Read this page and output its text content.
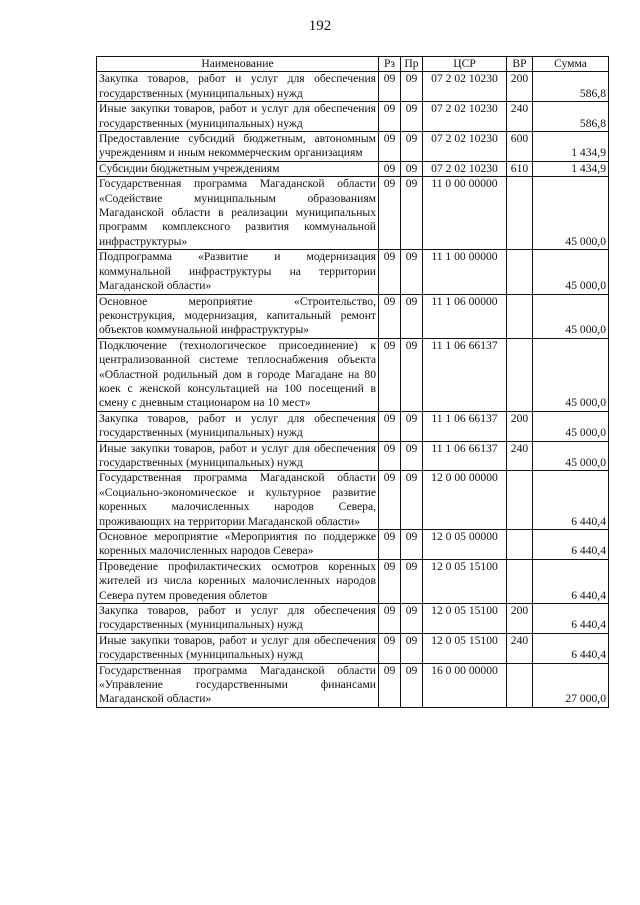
192
Наименование	Рз	Пр	ЦСР	ВР	Сумма
Закупка товаров, работ и услуг для обеспечения государственных (муниципальных) нужд	09	09	07 2 02 10230	200	586,8
Иные закупки товаров, работ и услуг для обеспечения государственных (муниципальных) нужд	09	09	07 2 02 10230	240	586,8
Предоставление субсидий бюджетным, автономным учреждениям и иным некоммерческим организациям	09	09	07 2 02 10230	600	1 434,9
Субсидии бюджетным учреждениям	09	09	07 2 02 10230	610	1 434,9
Государственная программа Магаданской области «Содействие муниципальным образованиям Магаданской области в реализации муниципальных программ комплексного развития коммунальной инфраструктуры»	09	09	11 0 00 00000		45 000,0
Подпрограмма «Развитие и модернизация коммунальной инфраструктуры на территории Магаданской области»	09	09	11 1 00 00000		45 000,0
Основное мероприятие «Строительство, реконструкция, модернизация, капитальный ремонт объектов коммунальной инфраструктуры»	09	09	11 1 06 00000		45 000,0
Подключение (технологическое присоединение) к централизованной системе теплоснабжения объекта «Областной родильный дом в городе Магадане на 80 коек с женской консультацией на 100 посещений в смену с дневным стационаром на 10 мест»	09	09	11 1 06 66137		45 000,0
Закупка товаров, работ и услуг для обеспечения государственных (муниципальных) нужд	09	09	11 1 06 66137	200	45 000,0
Иные закупки товаров, работ и услуг для обеспечения государственных (муниципальных) нужд	09	09	11 1 06 66137	240	45 000,0
Государственная программа Магаданской области «Социально-экономическое и культурное развитие коренных малочисленных народов Севера, проживающих на территории Магаданской области»	09	09	12 0 00 00000		6 440,4
Основное мероприятие «Мероприятия по поддержке коренных малочисленных народов Севера»	09	09	12 0 05 00000		6 440,4
Проведение профилактических осмотров коренных жителей из числа коренных малочисленных народов Севера путем проведения облетов	09	09	12 0 05 15100		6 440,4
Закупка товаров, работ и услуг для обеспечения государственных (муниципальных) нужд	09	09	12 0 05 15100	200	6 440,4
Иные закупки товаров, работ и услуг для обеспечения государственных (муниципальных) нужд	09	09	12 0 05 15100	240	6 440,4
Государственная программа Магаданской области «Управление государственными финансами Магаданской области»	09	09	16 0 00 00000		27 000,0
